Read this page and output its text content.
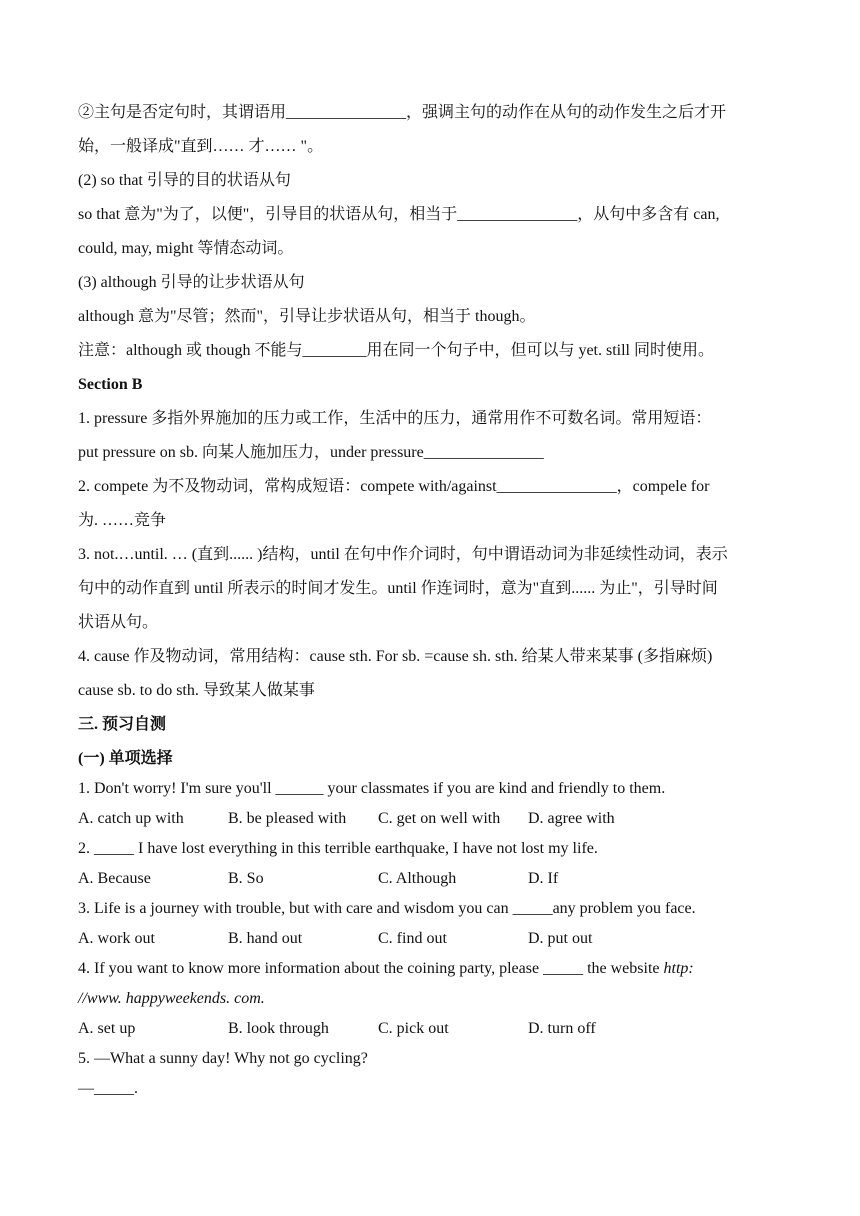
②主句是否定句时，其谓语用_______________，强调主句的动作在从句的动作发生之后才开
始，一般译成"直到…… 才…… "。
(2) so that 引导的目的状语从句
so that 意为"为了，以便"，引导目的状语从句，相当于_______________，从句中多含有 can,
could, may, might 等情态动词。
(3) although 引导的让步状语从句
although 意为"尽管；然而"，引导让步状语从句，相当于 though。
注意：although 或 though 不能与________用在同一个句子中，但可以与 yet. still 同时使用。
Section B
1. pressure 多指外界施加的压力或工作，生活中的压力，通常用作不可数名词。常用短语：
put pressure on sb. 向某人施加压力，under pressure_______________
2. compete 为不及物动词，常构成短语：compete with/against_______________，compele for
为. ……竞争
3. not.…until. … (直到...... )结构，until 在句中作介词时，句中谓语动词为非延续性动词，表示
句中的动作直到 until 所表示的时间才发生。until 作连词时，意为"直到...... 为止"，引导时间
状语从句。
4. cause 作及物动词，常用结构：cause sth. For sb. =cause sh. sth. 给某人带来某事 (多指麻烦)
cause sb. to do sth. 导致某人做某事
三. 预习自测
(一) 单项选择
1. Don't worry! I'm sure you'll ______ your classmates if you are kind and friendly to them.
A. catch up with	B. be pleased with	C. get on well with	D. agree with
2. _____ I have lost everything in this terrible earthquake, I have not lost my life.
A. Because	B. So	C. Although	D. If
3. Life is a journey with trouble, but with care and wisdom you can _____any problem you face.
A. work out	B. hand out	C. find out	D. put out
4. If you want to know more information about the coining party, please _____ the website http:
//www. happyweekends. com.
A. set up	B. look through	C. pick out	D. turn off
5. —What a sunny day! Why not go cycling?
—_____.
